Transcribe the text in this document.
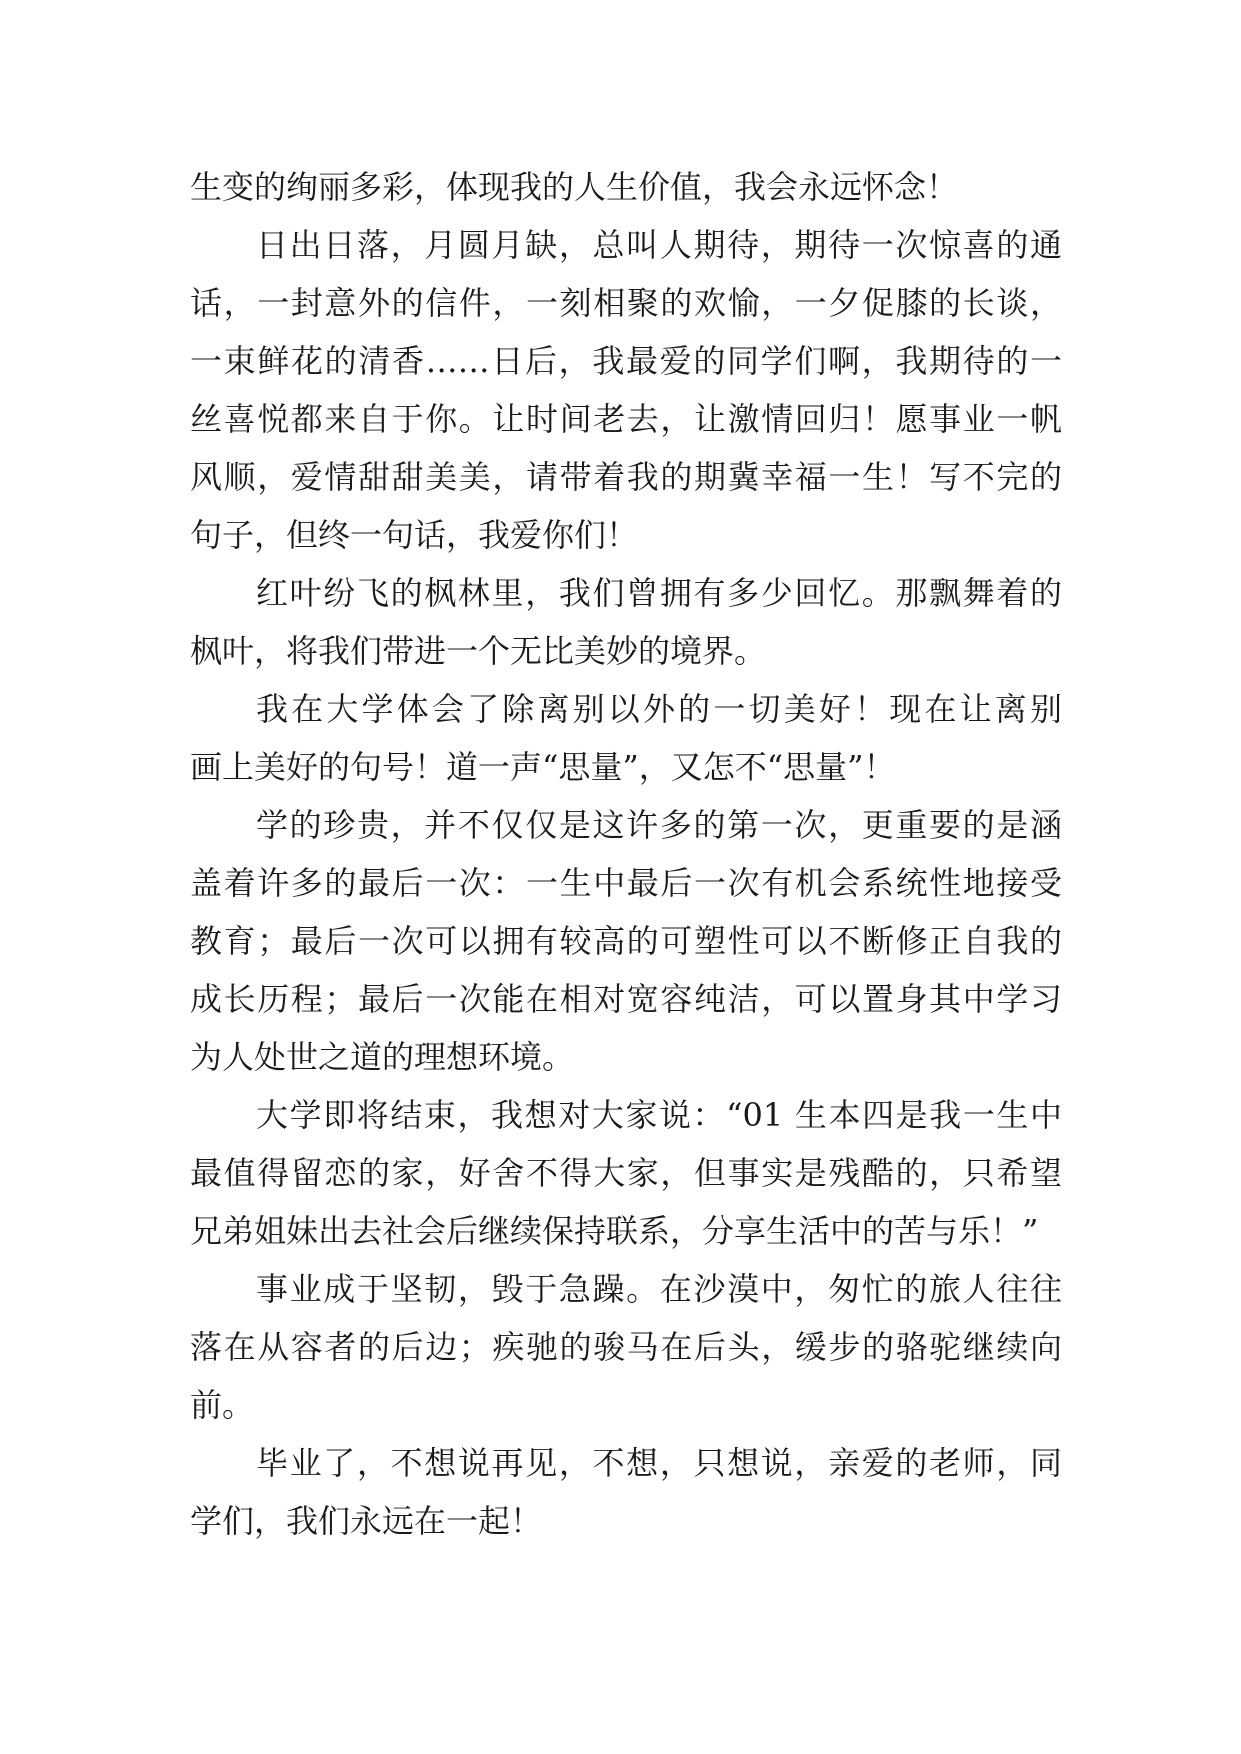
生变的绚丽多彩，体现我的人生价值，我会永远怀念！
日出日落，月圆月缺，总叫人期待，期待一次惊喜的通
话，一封意外的信件，一刻相聚的欢愉，一夕促膝的长谈，
一束鲜花的清香……日后，我最爱的同学们啊，我期待的一
丝喜悦都来自于你。让时间老去，让激情回归！愿事业一帆
风顺，爱情甜甜美美，请带着我的期冀幸福一生！写不完的
句子，但终一句话，我爱你们！
红叶纷飞的枫林里，我们曾拥有多少回忆。那飘舞着的
枫叶，将我们带进一个无比美妙的境界。
我在大学体会了除离别以外的一切美好！现在让离别
画上美好的句号！道一声“思量”，又怎不“思量”！
学的珍贵，并不仅仅是这许多的第一次，更重要的是涵
盖着许多的最后一次：一生中最后一次有机会系统性地接受
教育；最后一次可以拥有较高的可塑性可以不断修正自我的
成长历程；最后一次能在相对宽容纯洁，可以置身其中学习
为人处世之道的理想环境。
大学即将结束，我想对大家说：“01 生本四是我一生中
最值得留恋的家，好舍不得大家，但事实是残酷的，只希望
兄弟姐妹出去社会后继续保持联系，分享生活中的苦与乐！”
事业成于坚韧，毁于急躁。在沙漠中，匆忙的旅人往往
落在从容者的后边；疾驰的骏马在后头，缓步的骆驼继续向
前。
毕业了，不想说再见，不想，只想说，亲爱的老师，同
学们，我们永远在一起！
